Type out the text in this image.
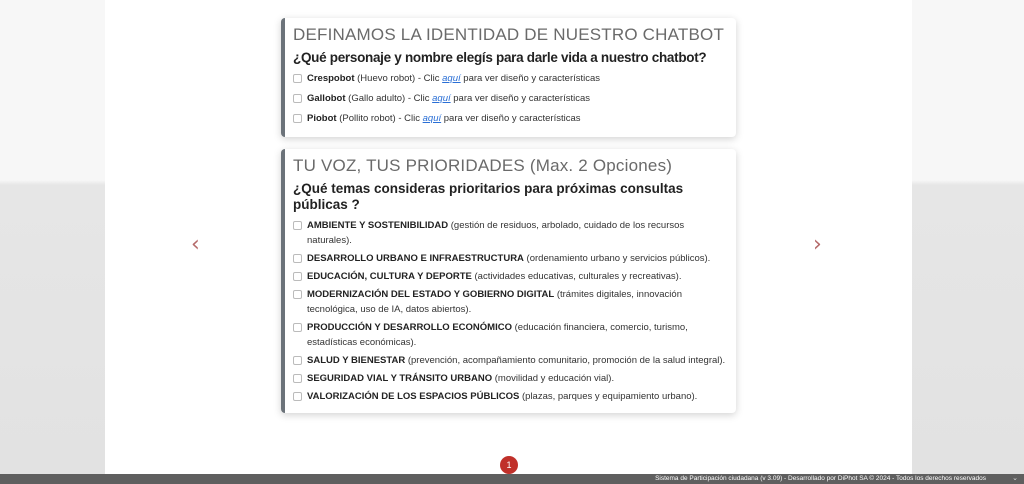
DEFINAMOS LA IDENTIDAD DE NUESTRO CHATBOT
¿Qué personaje y nombre elegís para darle vida a nuestro chatbot?
Crespobot (Huevo robot) - Clic aquí para ver diseño y características
Gallobot (Gallo adulto) - Clic aquí para ver diseño y características
Piobot (Pollito robot) - Clic aquí para ver diseño y características
TU VOZ, TUS PRIORIDADES (Max. 2 Opciones)
¿Qué temas consideras prioritarios para próximas consultas públicas ?
AMBIENTE Y SOSTENIBILIDAD (gestión de residuos, arbolado, cuidado de los recursos naturales).
DESARROLLO URBANO E INFRAESTRUCTURA (ordenamiento urbano y servicios públicos).
EDUCACIÓN, CULTURA Y DEPORTE (actividades educativas, culturales y recreativas).
MODERNIZACIÓN DEL ESTADO Y GOBIERNO DIGITAL (trámites digitales, innovación tecnológica, uso de IA, datos abiertos).
PRODUCCIÓN Y DESARROLLO ECONÓMICO (educación financiera, comercio, turismo, estadísticas económicas).
SALUD Y BIENESTAR (prevención, acompañamiento comunitario, promoción de la salud integral).
SEGURIDAD VIAL Y TRÁNSITO URBANO (movilidad y educación vial).
VALORIZACIÓN DE LOS ESPACIOS PÚBLICOS (plazas, parques y equipamiento urbano).
‹	›
1
Sistema de Participación ciudadana (v 3.09) - Desarrollado por DiPhot SA © 2024 - Todos los derechos reservados	⌄
